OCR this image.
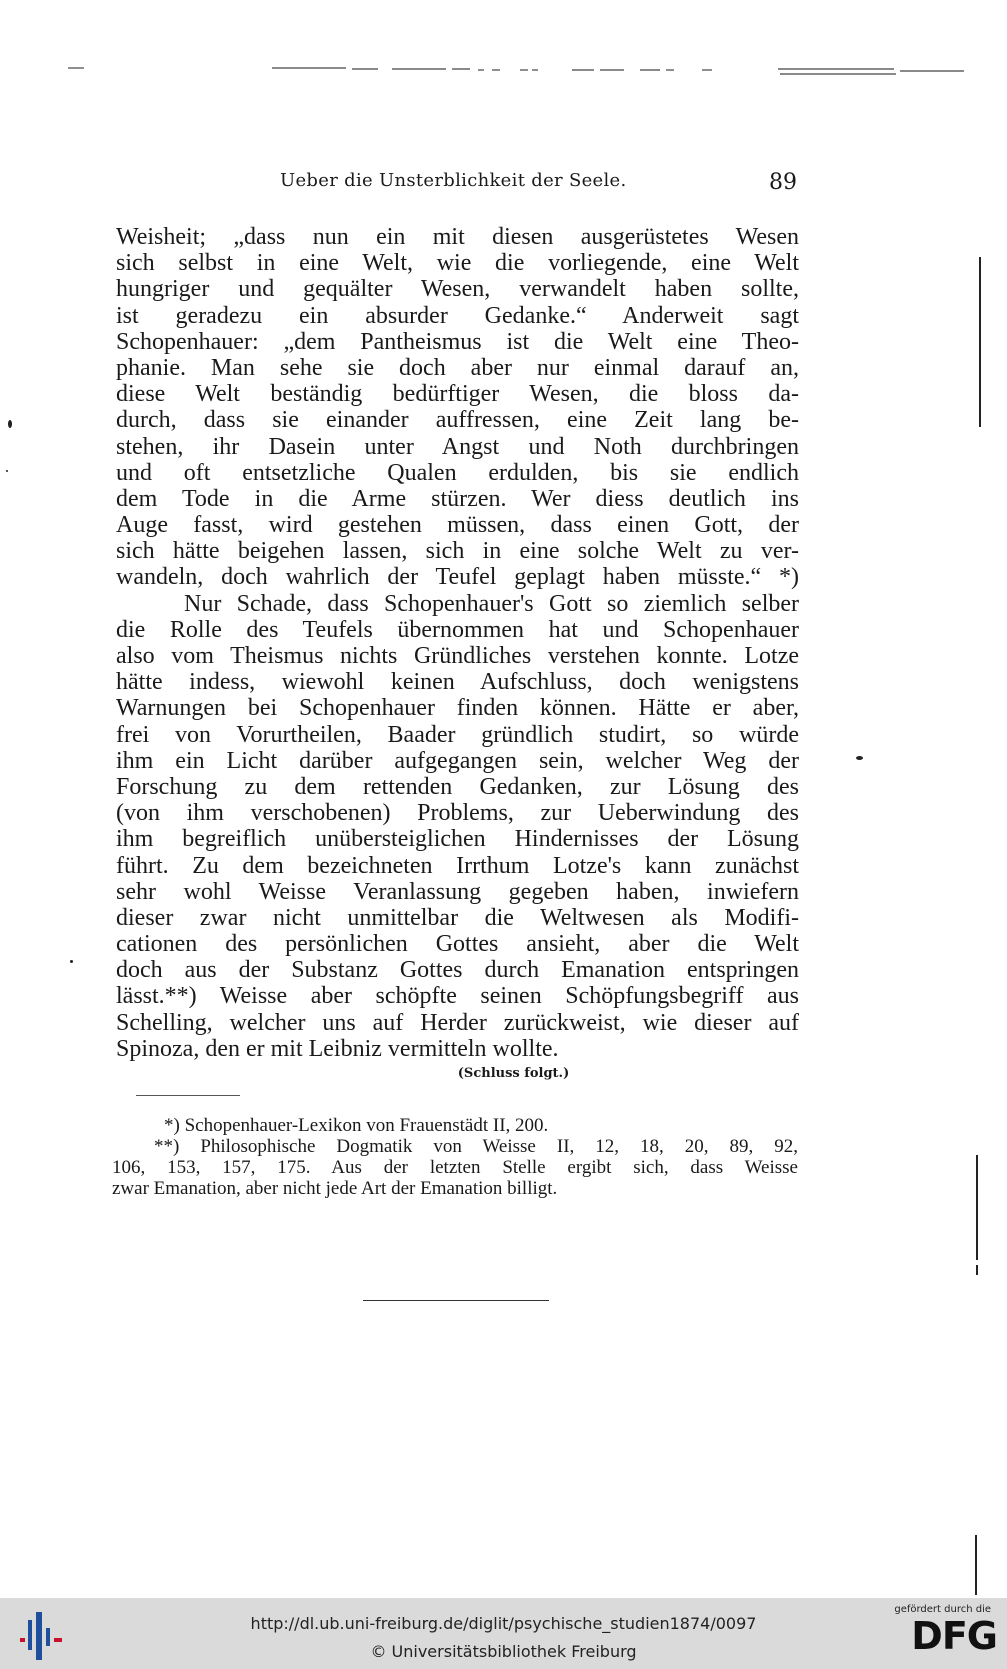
Ueber die Unsterblichkeit der Seele.	89
Weisheit; „dass nun ein mit diesen ausgerüstetes Wesen
sich selbst in eine Welt, wie die vorliegende, eine Welt
hungriger und gequälter Wesen, verwandelt haben sollte,
ist geradezu ein absurder Gedanke.“ Anderweit sagt
Schopenhauer: „dem Pantheismus ist die Welt eine Theo-
phanie. Man sehe sie doch aber nur einmal darauf an,
diese Welt beständig bedürftiger Wesen, die bloss da-
durch, dass sie einander auffressen, eine Zeit lang be-
stehen, ihr Dasein unter Angst und Noth durchbringen
und oft entsetzliche Qualen erdulden, bis sie endlich
dem Tode in die Arme stürzen. Wer diess deutlich ins
Auge fasst, wird gestehen müssen, dass einen Gott, der
sich hätte beigehen lassen, sich in eine solche Welt zu ver-
wandeln, doch wahrlich der Teufel geplagt haben müsste.“ *)
Nur Schade, dass Schopenhauer's Gott so ziemlich selber
die Rolle des Teufels übernommen hat und Schopenhauer
also vom Theismus nichts Gründliches verstehen konnte. Lotze
hätte indess, wiewohl keinen Aufschluss, doch wenigstens
Warnungen bei Schopenhauer finden können. Hätte er aber,
frei von Vorurtheilen, Baader gründlich studirt, so würde
ihm ein Licht darüber aufgegangen sein, welcher Weg der
Forschung zu dem rettenden Gedanken, zur Lösung des
(von ihm verschobenen) Problems, zur Ueberwindung des
ihm begreiflich unübersteiglichen Hindernisses der Lösung
führt. Zu dem bezeichneten Irrthum Lotze's kann zunächst
sehr wohl Weisse Veranlassung gegeben haben, inwiefern
dieser zwar nicht unmittelbar die Weltwesen als Modifi-
cationen des persönlichen Gottes ansieht, aber die Welt
doch aus der Substanz Gottes durch Emanation entspringen
lässt.**) Weisse aber schöpfte seinen Schöpfungsbegriff aus
Schelling, welcher uns auf Herder zurückweist, wie dieser auf
Spinoza, den er mit Leibniz vermitteln wollte.
(Schluss folgt.)
*) Schopenhauer-Lexikon von Frauenstädt II, 200.
**) Philosophische Dogmatik von Weisse II, 12, 18, 20, 89, 92,
106, 153, 157, 175. Aus der letzten Stelle ergibt sich, dass Weisse
zwar Emanation, aber nicht jede Art der Emanation billigt.
http://dl.ub.uni-freiburg.de/diglit/psychische_studien1874/0097
© Universitätsbibliothek Freiburg
gefördert durch die
DFG
